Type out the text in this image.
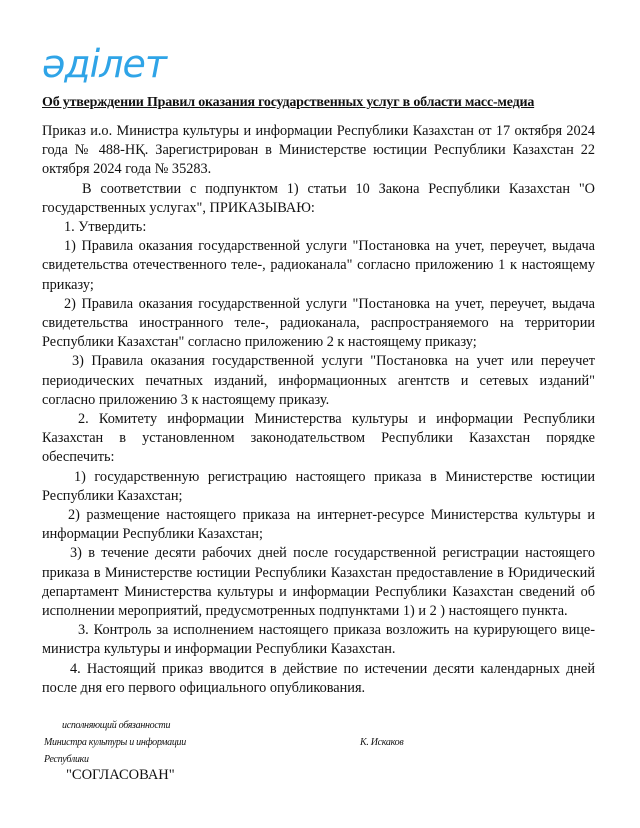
әділет
Об утверждении Правил оказания государственных услуг в области масс-медиа

Приказ и.о. Министра культуры и информации Республики Казахстан от 17 октября 2024 года № 488-НҚ. Зарегистрирован в Министерстве юстиции Республики Казахстан 22 октября 2024 года № 35283.

В соответствии с подпунктом 1) статьи 10 Закона Республики Казахстан "О государственных услугах", ПРИКАЗЫВАЮ:

1. Утвердить:

1) Правила оказания государственной услуги "Постановка на учет, переучет, выдача свидетельства отечественного теле-, радиоканала" согласно приложению 1 к настоящему приказу;

2) Правила оказания государственной услуги "Постановка на учет, переучет, выдача свидетельства иностранного теле-, радиоканала, распространяемого на территории Республики Казахстан" согласно приложению 2 к настоящему приказу;

3) Правила оказания государственной услуги "Постановка на учет или переучет периодических печатных изданий, информационных агентств и сетевых изданий" согласно приложению 3 к настоящему приказу.

2. Комитету информации Министерства культуры и информации Республики Казахстан в установленном законодательством Республики Казахстан порядке обеспечить:

1) государственную регистрацию настоящего приказа в Министерстве юстиции Республики Казахстан;

2) размещение настоящего приказа на интернет-ресурсе Министерства культуры и информации Республики Казахстан;

3) в течение десяти рабочих дней после государственной регистрации настоящего приказа в Министерстве юстиции Республики Казахстан предоставление в Юридический департамент Министерства культуры и информации Республики Казахстан сведений об исполнении мероприятий, предусмотренных подпунктами 1) и 2 ) настоящего пункта.

3. Контроль за исполнением настоящего приказа возложить на курирующего вице-министра культуры и информации Республики Казахстан.

4. Настоящий приказ вводится в действие по истечении десяти календарных дней после дня его первого официального опубликования.

исполняющий обязанности
Министра культуры и информации
Республики
К. Искаков
"СОГЛАСОВАН"
